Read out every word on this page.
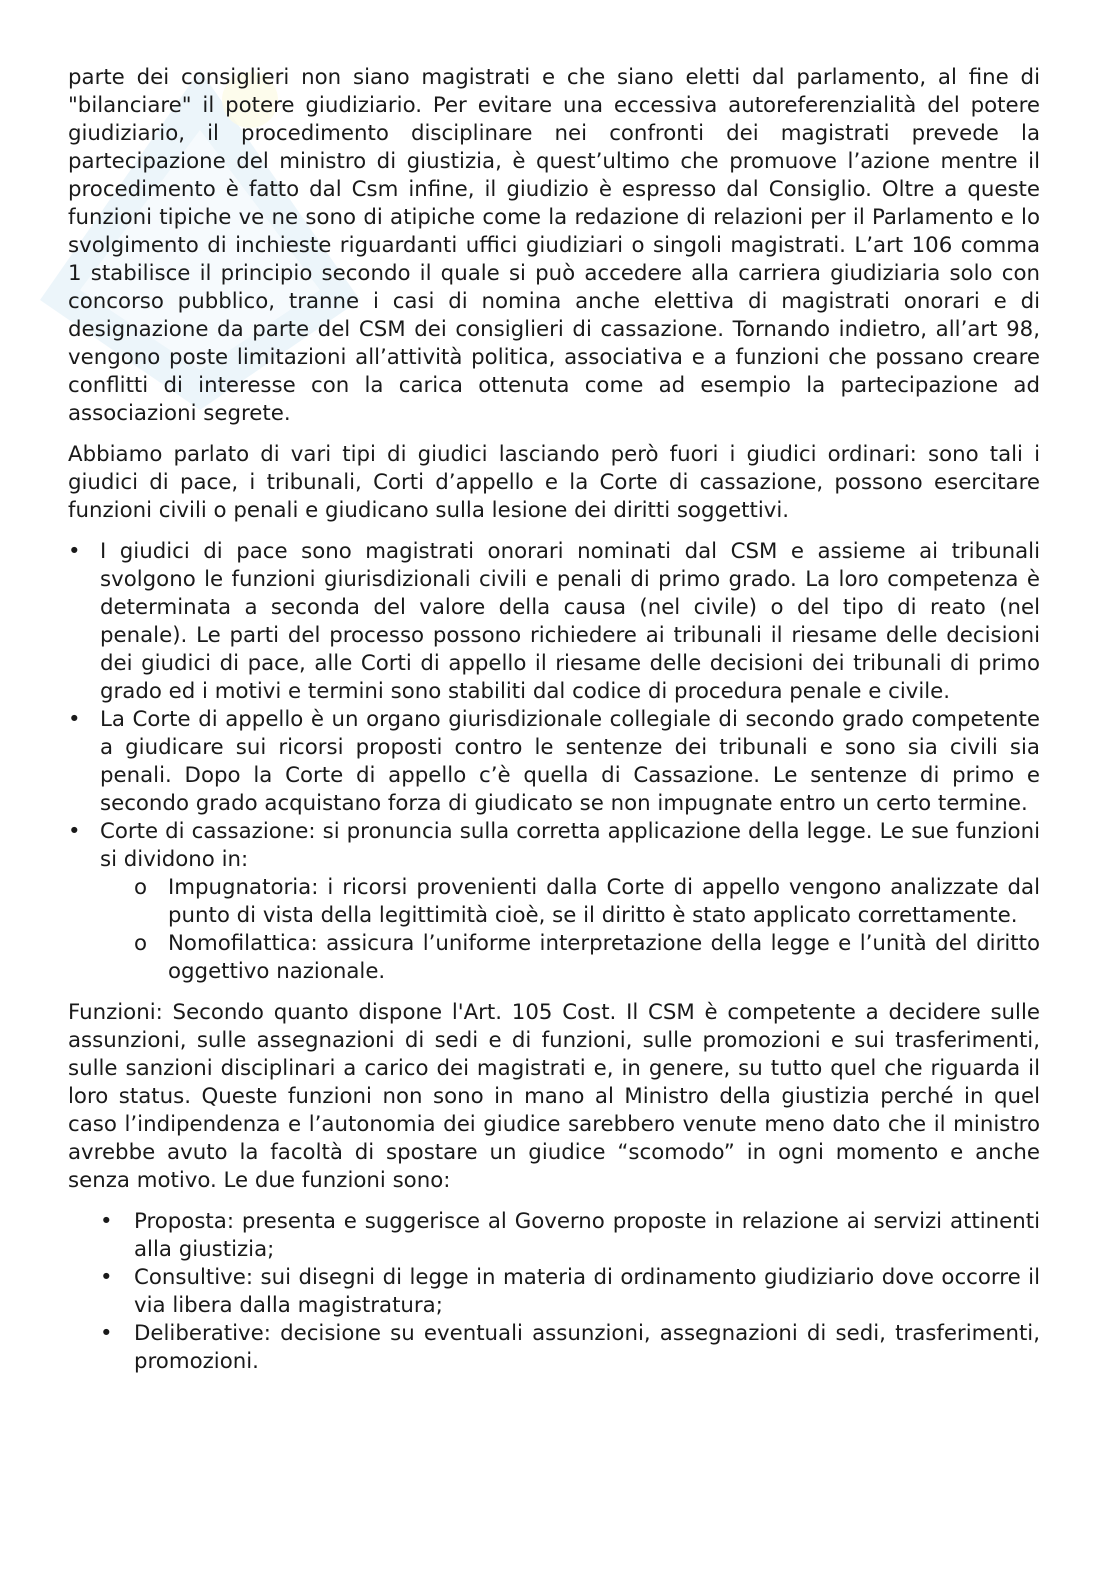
parte dei consiglieri non siano magistrati e che siano eletti dal parlamento, al fine di "bilanciare" il potere giudiziario. Per evitare una eccessiva autoreferenzialità del potere giudiziario, il procedimento disciplinare nei confronti dei magistrati prevede la partecipazione del ministro di giustizia, è quest’ultimo che promuove l’azione mentre il procedimento è fatto dal Csm infine, il giudizio è espresso dal Consiglio. Oltre a queste funzioni tipiche ve ne sono di atipiche come la redazione di relazioni per il Parlamento e lo svolgimento di inchieste riguardanti uffici giudiziari o singoli magistrati. L’art 106 comma 1 stabilisce il principio secondo il quale si può accedere alla carriera giudiziaria solo con concorso pubblico, tranne i casi di nomina anche elettiva di magistrati onorari e di designazione da parte del CSM dei consiglieri di cassazione. Tornando indietro, all’art 98, vengono poste limitazioni all’attività politica, associativa e a funzioni che possano creare conflitti di interesse con la carica ottenuta come ad esempio la partecipazione ad associazioni segrete.

Abbiamo parlato di vari tipi di giudici lasciando però fuori i giudici ordinari: sono tali i giudici di pace, i tribunali, Corti d’appello e la Corte di cassazione, possono esercitare funzioni civili o penali e giudicano sulla lesione dei diritti soggettivi.

• I giudici di pace sono magistrati onorari nominati dal CSM e assieme ai tribunali svolgono le funzioni giurisdizionali civili e penali di primo grado. La loro competenza è determinata a seconda del valore della causa (nel civile) o del tipo di reato (nel penale). Le parti del processo possono richiedere ai tribunali il riesame delle decisioni dei giudici di pace, alle Corti di appello il riesame delle decisioni dei tribunali di primo grado ed i motivi e termini sono stabiliti dal codice di procedura penale e civile.
• La Corte di appello è un organo giurisdizionale collegiale di secondo grado competente a giudicare sui ricorsi proposti contro le sentenze dei tribunali e sono sia civili sia penali. Dopo la Corte di appello c’è quella di Cassazione. Le sentenze di primo e secondo grado acquistano forza di giudicato se non impugnate entro un certo termine.
• Corte di cassazione: si pronuncia sulla corretta applicazione della legge. Le sue funzioni si dividono in:
o Impugnatoria: i ricorsi provenienti dalla Corte di appello vengono analizzate dal punto di vista della legittimità cioè, se il diritto è stato applicato correttamente.
o Nomofilattica: assicura l’uniforme interpretazione della legge e l’unità del diritto oggettivo nazionale.

Funzioni: Secondo quanto dispone l'Art. 105 Cost. Il CSM è competente a decidere sulle assunzioni, sulle assegnazioni di sedi e di funzioni, sulle promozioni e sui trasferimenti, sulle sanzioni disciplinari a carico dei magistrati e, in genere, su tutto quel che riguarda il loro status. Queste funzioni non sono in mano al Ministro della giustizia perché in quel caso l’indipendenza e l’autonomia dei giudice sarebbero venute meno dato che il ministro avrebbe avuto la facoltà di spostare un giudice “scomodo” in ogni momento e anche senza motivo. Le due funzioni sono:

• Proposta: presenta e suggerisce al Governo proposte in relazione ai servizi attinenti alla giustizia;
• Consultive: sui disegni di legge in materia di ordinamento giudiziario dove occorre il via libera dalla magistratura;
• Deliberative: decisione su eventuali assunzioni, assegnazioni di sedi, trasferimenti, promozioni.
